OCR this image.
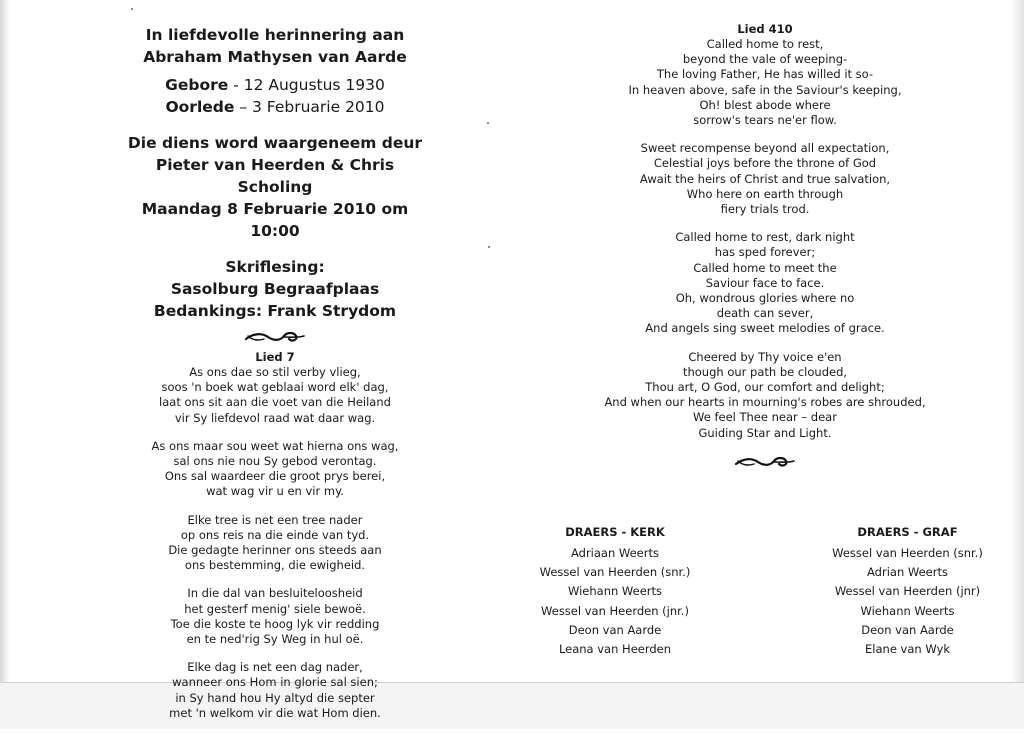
In liefdevolle herinnering aan
Abraham Mathysen van Aarde
Gebore - 12 Augustus 1930
Oorlede – 3 Februarie 2010
Die diens word waargeneem deur
Pieter van Heerden & Chris Scholing
Maandag 8 Februarie 2010 om 10:00
Skriflesing:
Sasolburg Begraafplaas
Bedankings: Frank Strydom
Lied 7
As ons dae so stil verby vlieg,
soos 'n boek wat geblaai word elk' dag,
laat ons sit aan die voet van die Heiland
vir Sy liefdevol raad wat daar wag.
As ons maar sou weet wat hierna ons wag,
sal ons nie nou Sy gebod verontag.
Ons sal waardeer die groot prys berei,
wat wag vir u en vir my.
Elke tree is net een tree nader
op ons reis na die einde van tyd.
Die gedagte herinner ons steeds aan
ons bestemming, die ewigheid.
In die dal van besluiteloosheid
het gesterf menig' siele bewoë.
Toe die koste te hoog lyk vir redding
en te ned'rig Sy Weg in hul oë.
Elke dag is net een dag nader,
wanneer ons Hom in glorie sal sien;
in Sy hand hou Hy altyd die septer
met 'n welkom vir die wat Hom dien.
Lied 410
Called home to rest,
beyond the vale of weeping-
The loving Father, He has willed it so-
In heaven above, safe in the Saviour's keeping,
Oh! blest abode where
sorrow's tears ne'er flow.
Sweet recompense beyond all expectation,
Celestial joys before the throne of God
Await the heirs of Christ and true salvation,
Who here on earth through
fiery trials trod.
Called home to rest, dark night
has sped forever;
Called home to meet the
Saviour face to face.
Oh, wondrous glories where no
death can sever,
And angels sing sweet melodies of grace.
Cheered by Thy voice e'en
though our path be clouded,
Thou art, O God, our comfort and delight;
And when our hearts in mourning's robes are shrouded,
We feel Thee near – dear
Guiding Star and Light.
DRAERS - KERK
Adriaan Weerts
Wessel van Heerden (snr.)
Wiehann Weerts
Wessel van Heerden (jnr.)
Deon van Aarde
Leana van Heerden
DRAERS - GRAF
Wessel van Heerden (snr.)
Adrian Weerts
Wessel van Heerden (jnr)
Wiehann Weerts
Deon van Aarde
Elane van Wyk
